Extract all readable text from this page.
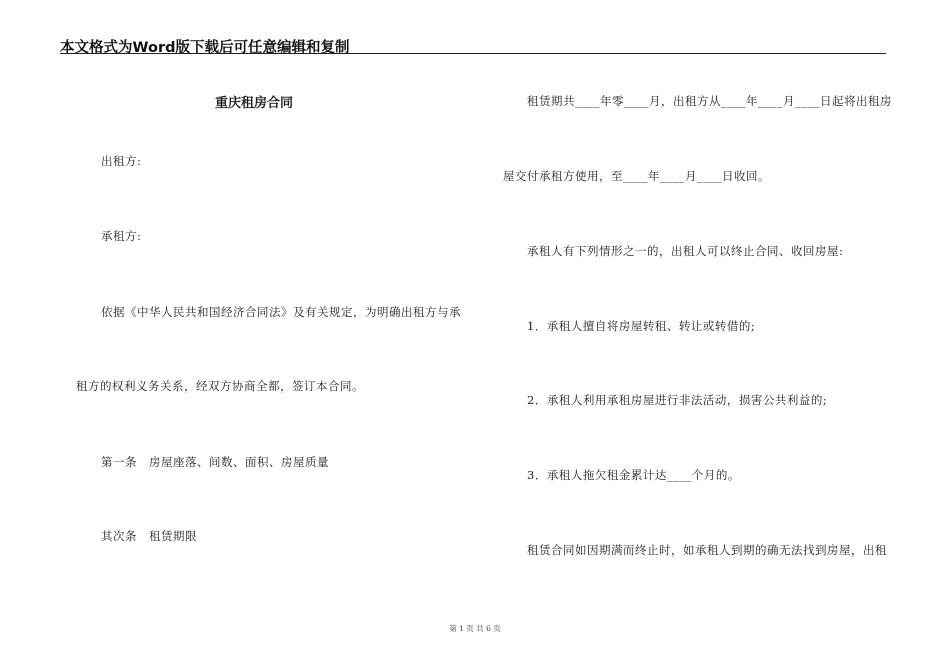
本文格式为Word版下载后可任意编辑和复制
重庆租房合同
出租方:
承租方:
依据《中华人民共和国经济合同法》及有关规定，为明确出租方与承
租方的权利义务关系，经双方协商全都，签订本合同。
第一条　房屋座落、间数、面积、房屋质量
其次条　租赁期限
租赁期共____年零____月，出租方从____年____月____日起将出租房
屋交付承租方使用，至____年____月____日收回。
承租人有下列情形之一的，出租人可以终止合同、收回房屋:
1．承租人擅自将房屋转租、转让或转借的;
2．承租人利用承租房屋进行非法活动，损害公共利益的;
3．承租人拖欠租金累计达____个月的。
租赁合同如因期满而终止时，如承租人到期的确无法找到房屋，出租
第 1 页 共 6 页
